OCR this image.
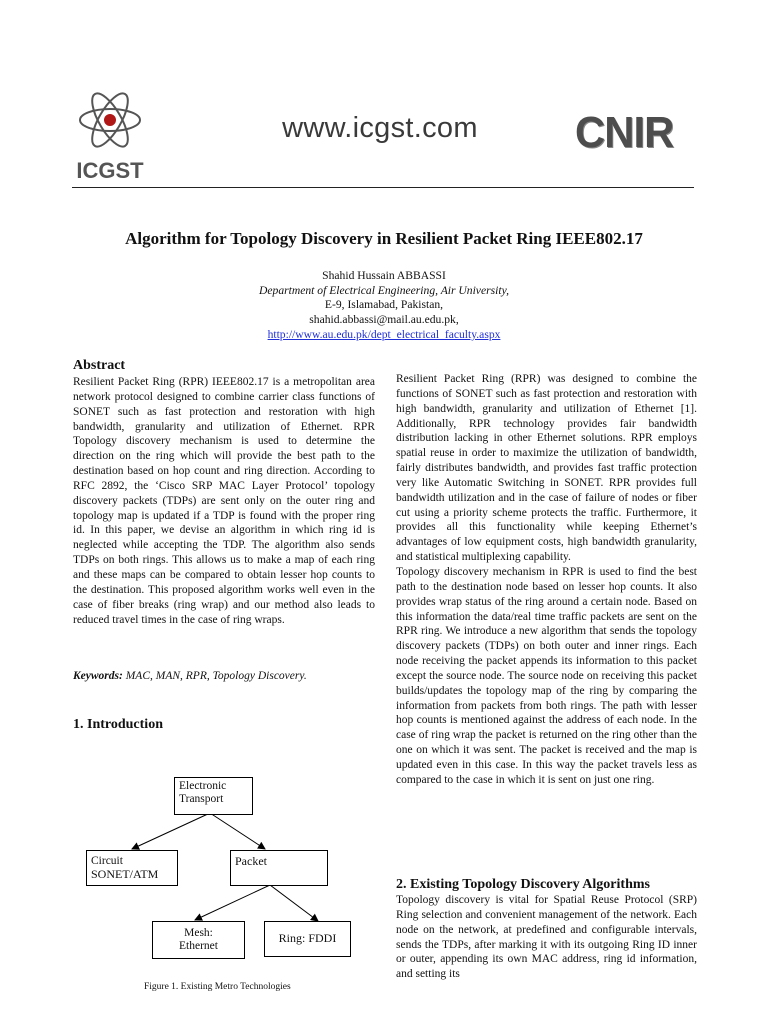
ICGST
www.icgst.com	CNIR
Algorithm for Topology Discovery in Resilient Packet Ring IEEE802.17
Shahid Hussain ABBASSI
Department of Electrical Engineering, Air University,
E-9, Islamabad, Pakistan,
shahid.abbassi@mail.au.edu.pk,
http://www.au.edu.pk/dept_electrical_faculty.aspx
Abstract
Resilient Packet Ring (RPR) IEEE802.17 is a metropolitan area network protocol designed to combine carrier class functions of SONET such as fast protection and restoration with high bandwidth, granularity and utilization of Ethernet. RPR Topology discovery mechanism is used to determine the direction on the ring which will provide the best path to the destination based on hop count and ring direction. According to RFC 2892, the ‘Cisco SRP MAC Layer Protocol’ topology discovery packets (TDPs) are sent only on the outer ring and topology map is updated if a TDP is found with the proper ring id. In this paper, we devise an algorithm in which ring id is neglected while accepting the TDP. The algorithm also sends TDPs on both rings. This allows us to make a map of each ring and these maps can be compared to obtain lesser hop counts to the destination. This proposed algorithm works well even in the case of fiber breaks (ring wrap) and our method also leads to reduced travel times in the case of ring wraps.
Keywords: MAC, MAN, RPR, Topology Discovery.
1. Introduction
Electronic
Transport
Circuit
SONET/ATM
Packet
Mesh:
Ethernet
Ring: FDDI
Figure 1. Existing Metro Technologies
Resilient Packet Ring (RPR) was designed to combine the functions of SONET such as fast protection and restoration with high bandwidth, granularity and utilization of Ethernet [1]. Additionally, RPR technology provides fair bandwidth distribution lacking in other Ethernet solutions. RPR employs spatial reuse in order to maximize the utilization of bandwidth, fairly distributes bandwidth, and provides fast traffic protection very like Automatic Switching in SONET. RPR provides full bandwidth utilization and in the case of failure of nodes or fiber cut using a priority scheme protects the traffic. Furthermore, it provides all this functionality while keeping Ethernet’s advantages of low equipment costs, high bandwidth granularity, and statistical multiplexing capability.
Topology discovery mechanism in RPR is used to find the best path to the destination node based on lesser hop counts. It also provides wrap status of the ring around a certain node. Based on this information the data/real time traffic packets are sent on the RPR ring. We introduce a new algorithm that sends the topology discovery packets (TDPs) on both outer and inner rings. Each node receiving the packet appends its information to this packet except the source node. The source node on receiving this packet builds/updates the topology map of the ring by comparing the information from packets from both rings. The path with lesser hop counts is mentioned against the address of each node. In the case of ring wrap the packet is returned on the ring other than the one on which it was sent. The packet is received and the map is updated even in this case. In this way the packet travels less as compared to the case in which it is sent on just one ring.
2. Existing Topology Discovery Algorithms
Topology discovery is vital for Spatial Reuse Protocol (SRP) Ring selection and convenient management of the network. Each node on the network, at predefined and configurable intervals, sends the TDPs, after marking it with its outgoing Ring ID inner or outer, appending its own MAC address, ring id information, and setting its
